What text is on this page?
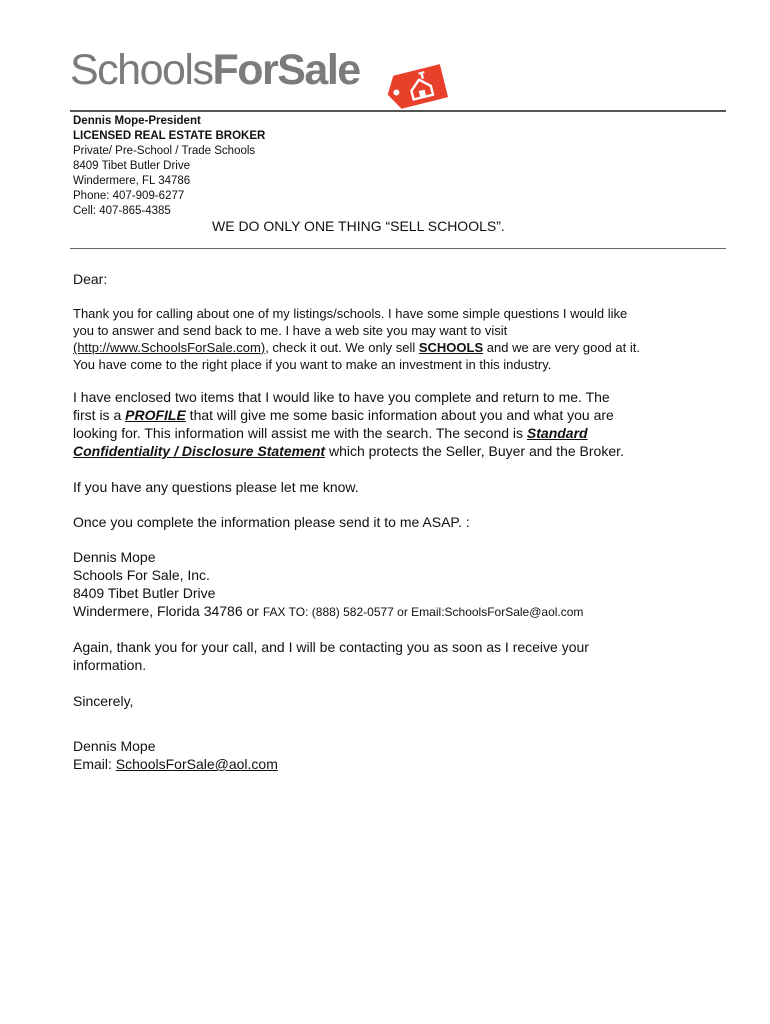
SchoolsForSale
Dennis Mope-President
LICENSED REAL ESTATE BROKER
Private/ Pre-School / Trade Schools
8409 Tibet Butler Drive
Windermere, FL 34786
Phone: 407-909-6277
Cell: 407-865-4385
WE DO ONLY ONE THING “SELL SCHOOLS”.
Dear:
Thank you for calling about one of my listings/schools. I have some simple questions I would like
you to answer and send back to me. I have a web site you may want to visit
(http://www.SchoolsForSale.com), check it out. We only sell SCHOOLS and we are very good at it.
You have come to the right place if you want to make an investment in this industry.
I have enclosed two items that I would like to have you complete and return to me. The
first is a PROFILE that will give me some basic information about you and what you are
looking for. This information will assist me with the search. The second is Standard
Confidentiality / Disclosure Statement which protects the Seller, Buyer and the Broker.
If you have any questions please let me know.
Once you complete the information please send it to me ASAP. :
Dennis Mope
Schools For Sale, Inc.
8409 Tibet Butler Drive
Windermere, Florida 34786 or FAX TO: (888) 582-0577 or Email:SchoolsForSale@aol.com
Again, thank you for your call, and I will be contacting you as soon as I receive your
information.
Sincerely,
Dennis Mope
Email: SchoolsForSale@aol.com
